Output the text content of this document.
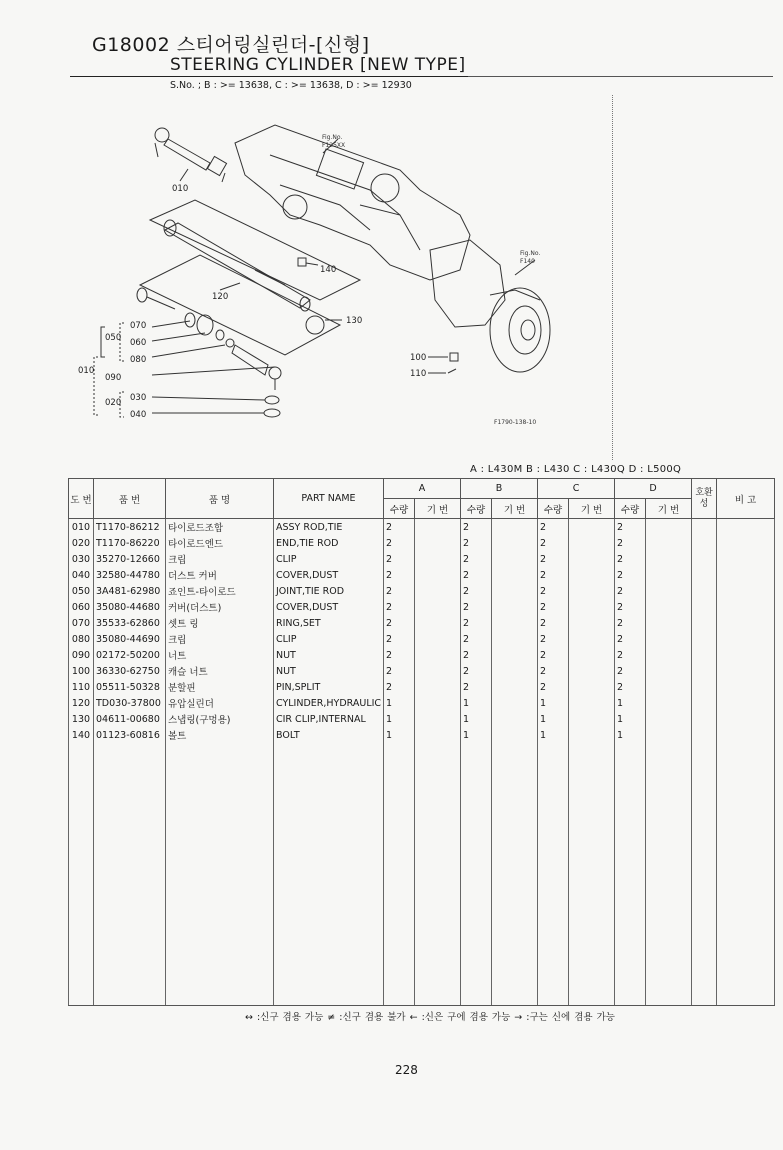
G18002 스티어링실린더-[신형]
STEERING CYLINDER [NEW TYPE]
S.No. ; B : >= 13638, C : >= 13638, D : >= 12930
010
140
120
130
050
070
060
080
010
090
020 030
040
100
110
Fig.No.
F125XX
Fig.No.
F140
F1790-138-10
A : L430M B : L430 C : L430Q D : L500Q
도 번	품 번	품 명	PART NAME	A		B		C		D		호환성	비 고
				수량	기 번	수량	기 번	수량	기 번	수량	기 번		
010	T1170-86212	타이로드조합	ASSY ROD,TIE	2		2		2		2			
020	T1170-86220	타이로드엔드	END,TIE ROD	2		2		2		2			
030	35270-12660	크립	CLIP	2		2		2		2			
040	32580-44780	더스트 커버	COVER,DUST	2		2		2		2			
050	3A481-62980	죠인트-타이로드	JOINT,TIE ROD	2		2		2		2			
060	35080-44680	커버(더스트)	COVER,DUST	2		2		2		2			
070	35533-62860	셋트 링	RING,SET	2		2		2		2			
080	35080-44690	크립	CLIP	2		2		2		2			
090	02172-50200	너트	NUT	2		2		2		2			
100	36330-62750	캐슬 너트	NUT	2		2		2		2			
110	05511-50328	분할핀	PIN,SPLIT	2		2		2		2			
120	TD030-37800	유압실린더	CYLINDER,HYDRAULIC	1		1		1		1			
130	04611-00680	스냅링(구멍용)	CIR CLIP,INTERNAL	1		1		1		1			
140	01123-60816	볼트	BOLT	1		1		1		1			

↔ :신구 겸용 가능 ≠ :신구 겸용 불가 ← :신은 구에 겸용 가능 → :구는 신에 겸용 가능
228
